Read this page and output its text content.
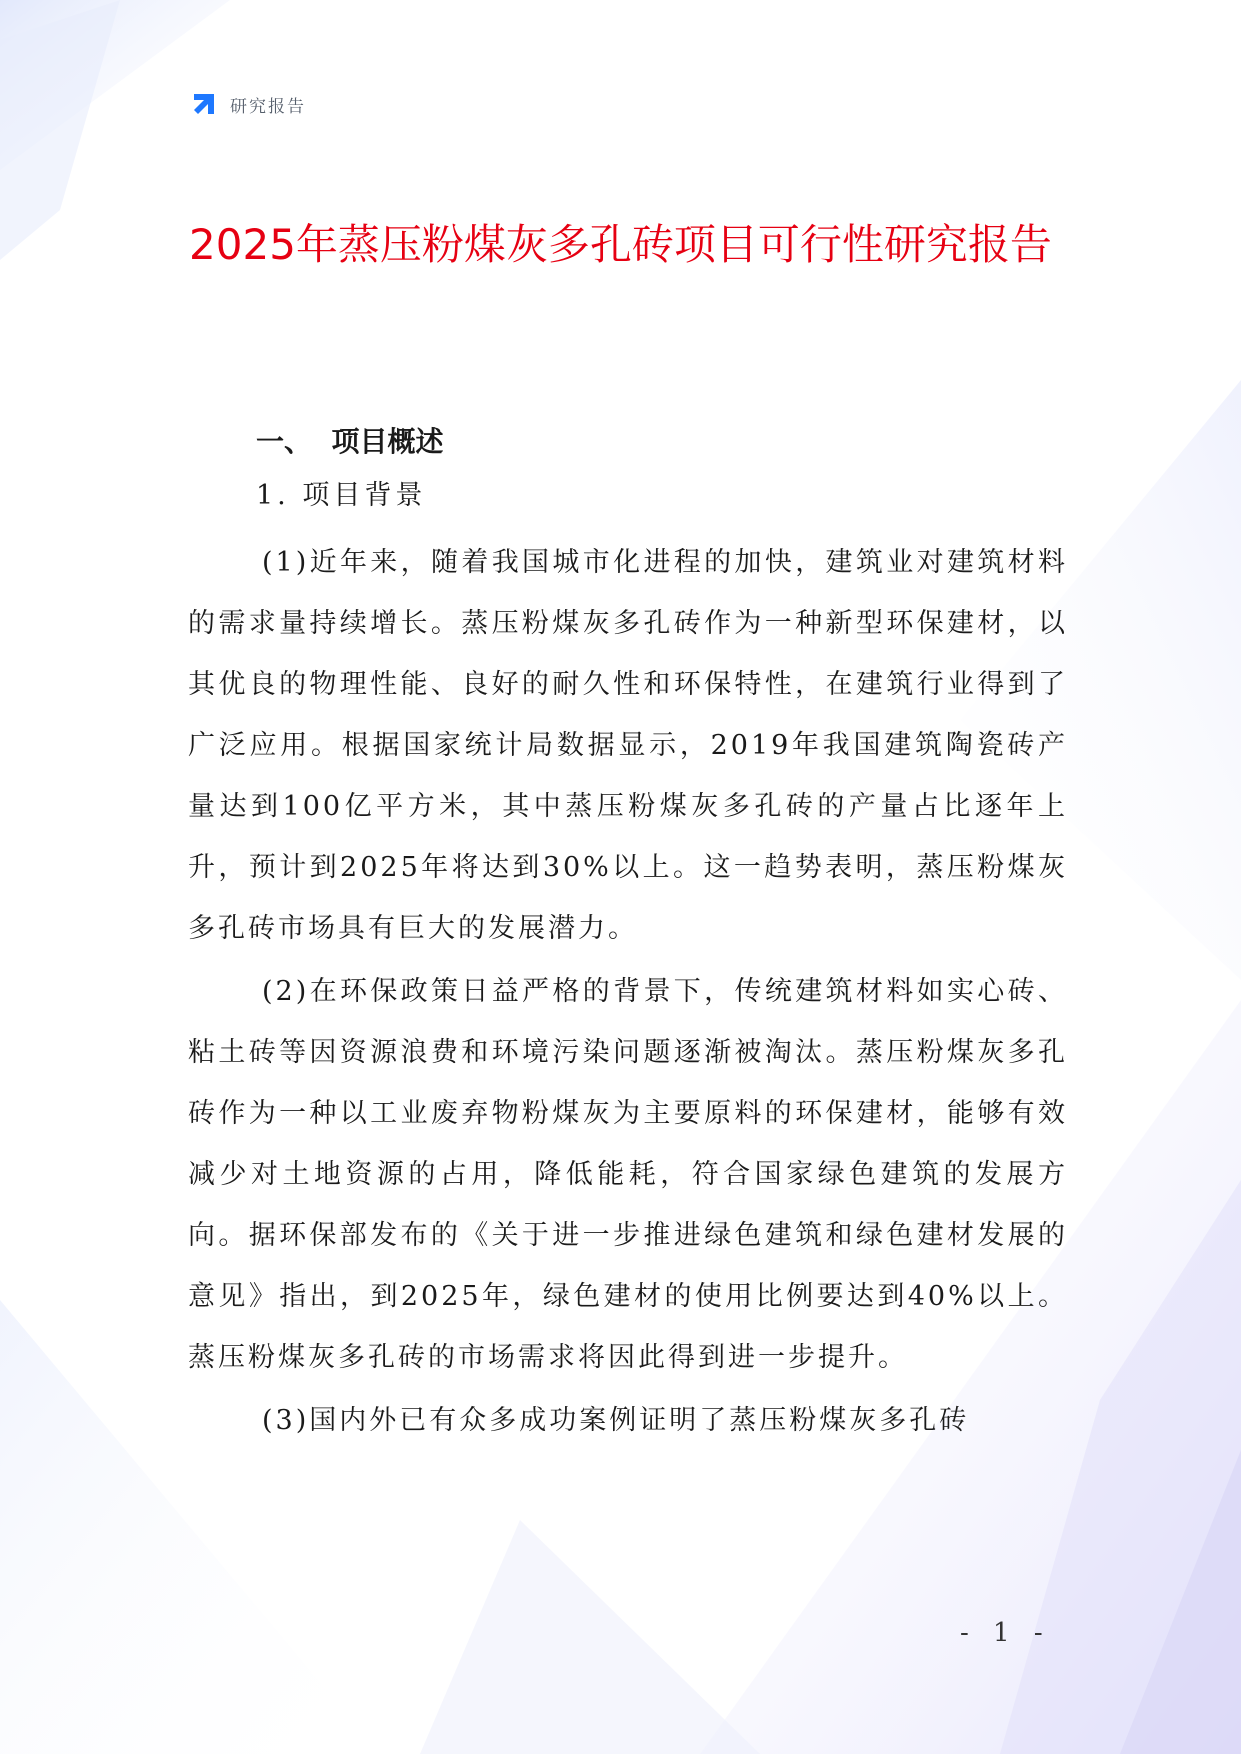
研究报告
2025年蒸压粉煤灰多孔砖项目可行性研究报告
一、  项目概述
1. 项目背景

(1)近年来，随着我国城市化进程的加快，建筑业对建筑材料的需求量持续增长。蒸压粉煤灰多孔砖作为一种新型环保建材，以其优良的物理性能、良好的耐久性和环保特性，在建筑行业得到了广泛应用。根据国家统计局数据显示，2019年我国建筑陶瓷砖产量达到100亿平方米，其中蒸压粉煤灰多孔砖的产量占比逐年上升，预计到2025年将达到30%以上。这一趋势表明，蒸压粉煤灰多孔砖市场具有巨大的发展潜力。

(2)在环保政策日益严格的背景下，传统建筑材料如实心砖、粘土砖等因资源浪费和环境污染问题逐渐被淘汰。蒸压粉煤灰多孔砖作为一种以工业废弃物粉煤灰为主要原料的环保建材，能够有效减少对土地资源的占用，降低能耗，符合国家绿色建筑的发展方向。据环保部发布的《关于进一步推进绿色建筑和绿色建材发展的意见》指出，到2025年，绿色建材的使用比例要达到40%以上。蒸压粉煤灰多孔砖的市场需求将因此得到进一步提升。

(3)国内外已有众多成功案例证明了蒸压粉煤灰多孔砖

- 1 -
